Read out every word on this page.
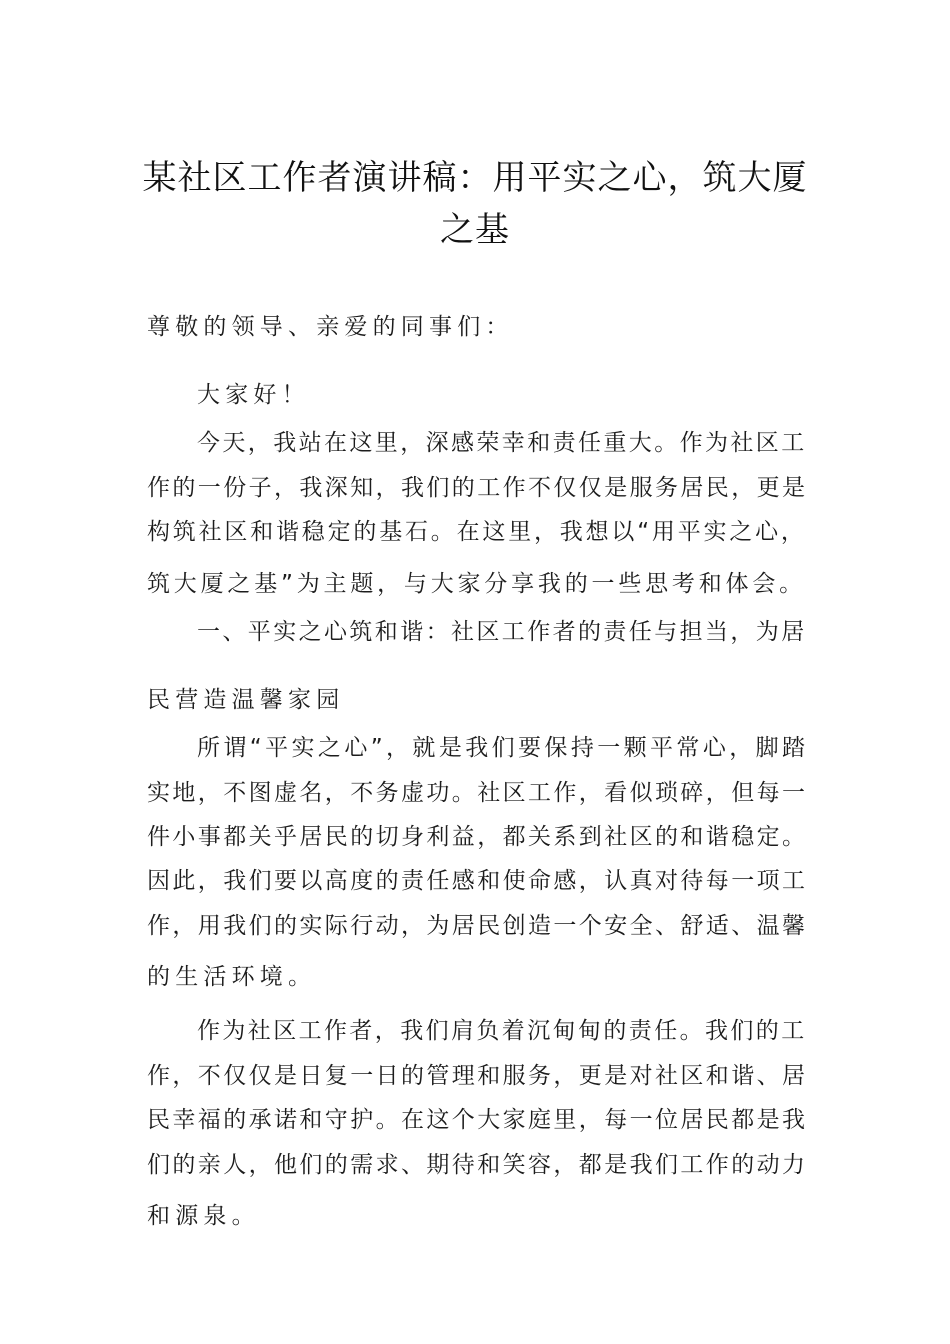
某社区工作者演讲稿：用平实之心，筑大厦
之基
尊敬的领导、亲爱的同事们：
大家好！
今天，我站在这里，深感荣幸和责任重大。作为社区工
作的一份子，我深知，我们的工作不仅仅是服务居民，更是
构筑社区和谐稳定的基石。在这里，我想以“用平实之心，
筑大厦之基”为主题，与大家分享我的一些思考和体会。
一、平实之心筑和谐：社区工作者的责任与担当，为居
民营造温馨家园
所谓“平实之心”，就是我们要保持一颗平常心，脚踏
实地，不图虚名，不务虚功。社区工作，看似琐碎，但每一
件小事都关乎居民的切身利益，都关系到社区的和谐稳定。
因此，我们要以高度的责任感和使命感，认真对待每一项工
作，用我们的实际行动，为居民创造一个安全、舒适、温馨
的生活环境。
作为社区工作者，我们肩负着沉甸甸的责任。我们的工
作，不仅仅是日复一日的管理和服务，更是对社区和谐、居
民幸福的承诺和守护。在这个大家庭里，每一位居民都是我
们的亲人，他们的需求、期待和笑容，都是我们工作的动力
和源泉。
